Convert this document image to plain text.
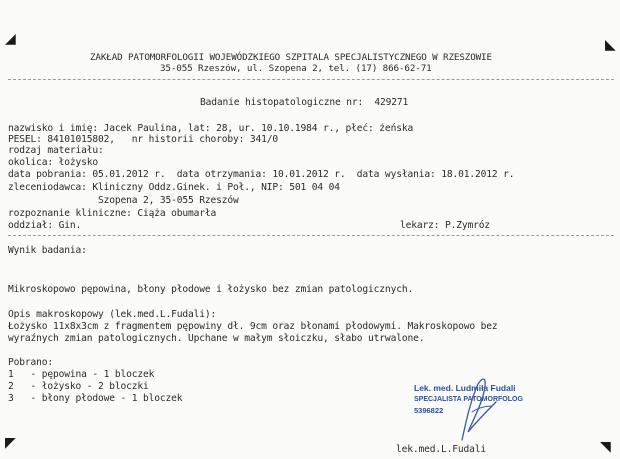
◢	◣
◤	◥
ZAKŁAD PATOMORFOLOGII WOJEWÓDZKIEGO SZPITALA SPECJALISTYCZNEGO W RZESZOWIE
35-055 Rzeszów, ul. Szopena 2, tel. (17) 866-62-71
Badanie histopatologiczne nr: 429271
nazwisko i imię: Jacek Paulina, lat: 28, ur. 10.10.1984 r., płeć: żeńska
PESEL: 84101015802,   nr historii choroby: 341/0
rodzaj materiału:
okolica: łożysko
data pobrania: 05.01.2012 r.  data otrzymania: 10.01.2012 r.  data wysłania: 18.01.2012 r.
zleceniodawca: Kliniczny Oddz.Ginek. i Poł., NIP: 501 04 04
Szopena 2, 35-055 Rzeszów
rozpoznanie kliniczne: Ciąża obumarła
oddział: Gin.	lekarz: P.Zymróz
Wynik badania:
Mikroskopowo pępowina, błony płodowe i łożysko bez zmian patologicznych.
Opis makroskopowy (lek.med.L.Fudali):
Łożysko 11x8x3cm z fragmentem pępowiny dł. 9cm oraz błonami płodowymi. Makroskopowo bez
wyraźnych zmian patologicznych. Upchane w małym słoiczku, słabo utrwalone.
Pobrano:
1   - pępowina - 1 bloczek
2   - łożysko - 2 bloczki
3   - błony płodowe - 1 bloczek
Lek. med. Ludmiła Fudali
SPECJALISTA PATOMORFOLOG
5396822
lek.med.L.Fudali
